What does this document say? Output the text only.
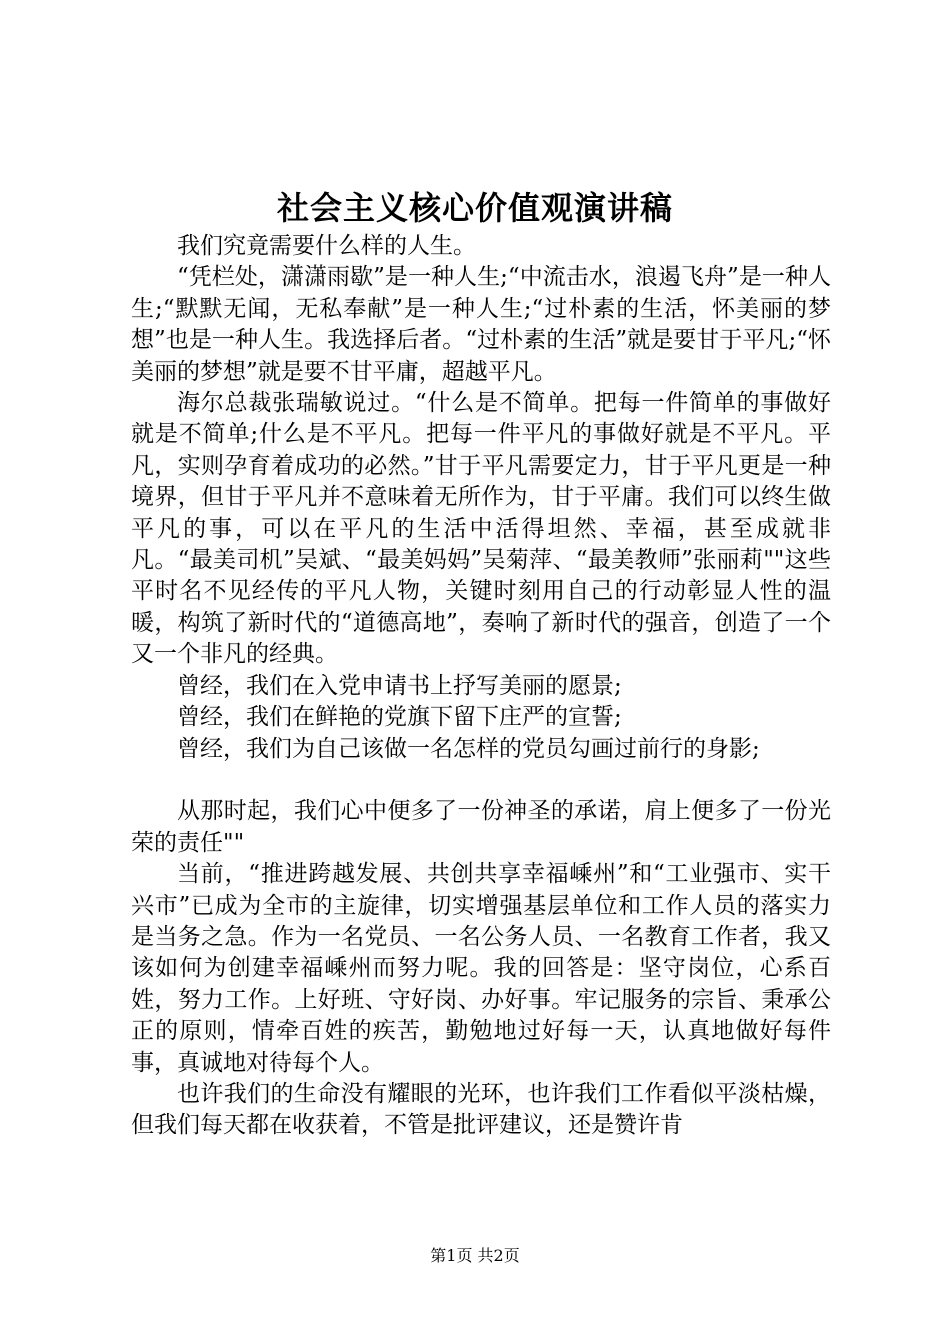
社会主义核心价值观演讲稿

我们究竟需要什么样的人生。

“凭栏处，潇潇雨歇”是一种人生;“中流击水，浪遏飞舟”是一种人生;“默默无闻，无私奉献”是一种人生;“过朴素的生活，怀美丽的梦想”也是一种人生。我选择后者。“过朴素的生活”就是要甘于平凡;“怀美丽的梦想”就是要不甘平庸，超越平凡。

海尔总裁张瑞敏说过。“什么是不简单。把每一件简单的事做好就是不简单;什么是不平凡。把每一件平凡的事做好就是不平凡。平凡，实则孕育着成功的必然。”甘于平凡需要定力，甘于平凡更是一种境界，但甘于平凡并不意味着无所作为，甘于平庸。我们可以终生做平凡的事，可以在平凡的生活中活得坦然、幸福，甚至成就非凡。“最美司机”吴斌、“最美妈妈”吴菊萍、“最美教师”张丽莉""这些平时名不见经传的平凡人物，关键时刻用自己的行动彰显人性的温暖，构筑了新时代的“道德高地”，奏响了新时代的强音，创造了一个又一个非凡的经典。

曾经，我们在入党申请书上抒写美丽的愿景;

曾经，我们在鲜艳的党旗下留下庄严的宣誓;

曾经，我们为自己该做一名怎样的党员勾画过前行的身影;

从那时起，我们心中便多了一份神圣的承诺，肩上便多了一份光荣的责任""

当前，“推进跨越发展、共创共享幸福嵊州”和“工业强市、实干兴市”已成为全市的主旋律，切实增强基层单位和工作人员的落实力是当务之急。作为一名党员、一名公务人员、一名教育工作者，我又该如何为创建幸福嵊州而努力呢。我的回答是：坚守岗位，心系百姓，努力工作。上好班、守好岗、办好事。牢记服务的宗旨、秉承公正的原则，情牵百姓的疾苦，勤勉地过好每一天，认真地做好每件事，真诚地对待每个人。

也许我们的生命没有耀眼的光环，也许我们工作看似平淡枯燥，但我们每天都在收获着，不管是批评建议，还是赞许肯

第1页 共2页
